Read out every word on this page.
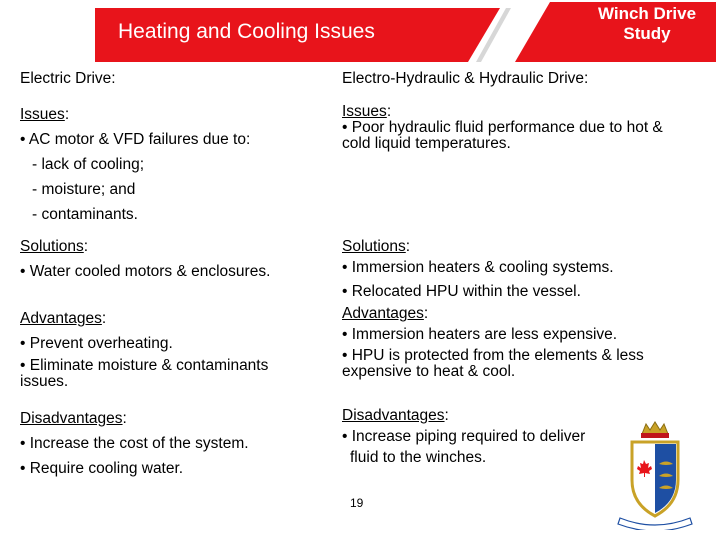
Heating and Cooling Issues
Winch Drive
Study
Electric Drive:

Issues:

• AC motor & VFD failures due to:

- lack of cooling;

- moisture; and

- contaminants.

Solutions:

• Water cooled motors & enclosures.

Advantages:

• Prevent overheating.

• Eliminate moisture & contaminants issues.

Disadvantages:

• Increase the cost of the system.

• Require cooling water.

Electro-Hydraulic & Hydraulic Drive:

Issues:

• Poor hydraulic fluid performance due to hot & cold liquid temperatures.

Solutions:

• Immersion heaters & cooling systems.

• Relocated HPU within the vessel.

Advantages:

• Immersion heaters are less expensive.

• HPU is protected from the elements & less expensive to heat & cool.

Disadvantages:

• Increase piping required to deliver

fluid to the winches.

19
